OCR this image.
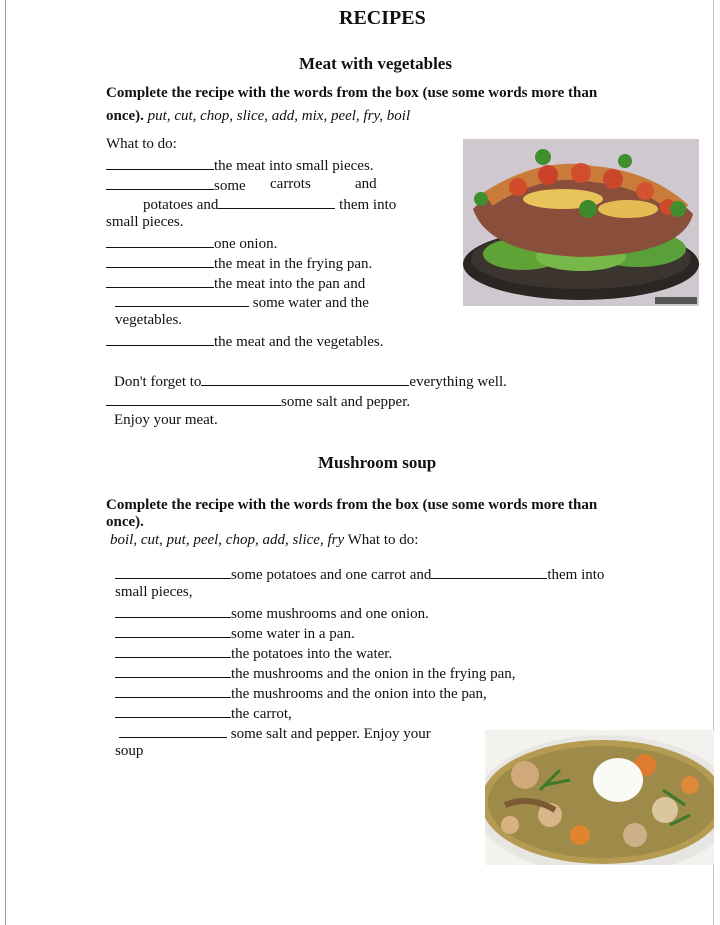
RECIPES
Meat with vegetables
Complete the recipe with the words from the box (use some words more than
once). put, cut, chop, slice, add, mix, peel, fry, boil
What to do:
the meat into small pieces.
some carrots	and
potatoes and	them into
small pieces.
one onion.
the meat in the frying pan.
the meat into the pan and
some water and the
vegetables.
the meat and the vegetables.
Don't forget to	everything well.
some salt and pepper.
Enjoy your meat.
Mushroom soup
Complete the recipe with the words from the box (use some words more than
once).
boil, cut, put, peel, chop, add, slice, fry What to do:
some potatoes and one carrot and	them into
small pieces,
some mushrooms and one onion.
some water in a pan.
the potatoes into the water.
the mushrooms and the onion in the frying pan,
the mushrooms and the onion into the pan,
the carrot,
some salt and pepper. Enjoy your
soup
